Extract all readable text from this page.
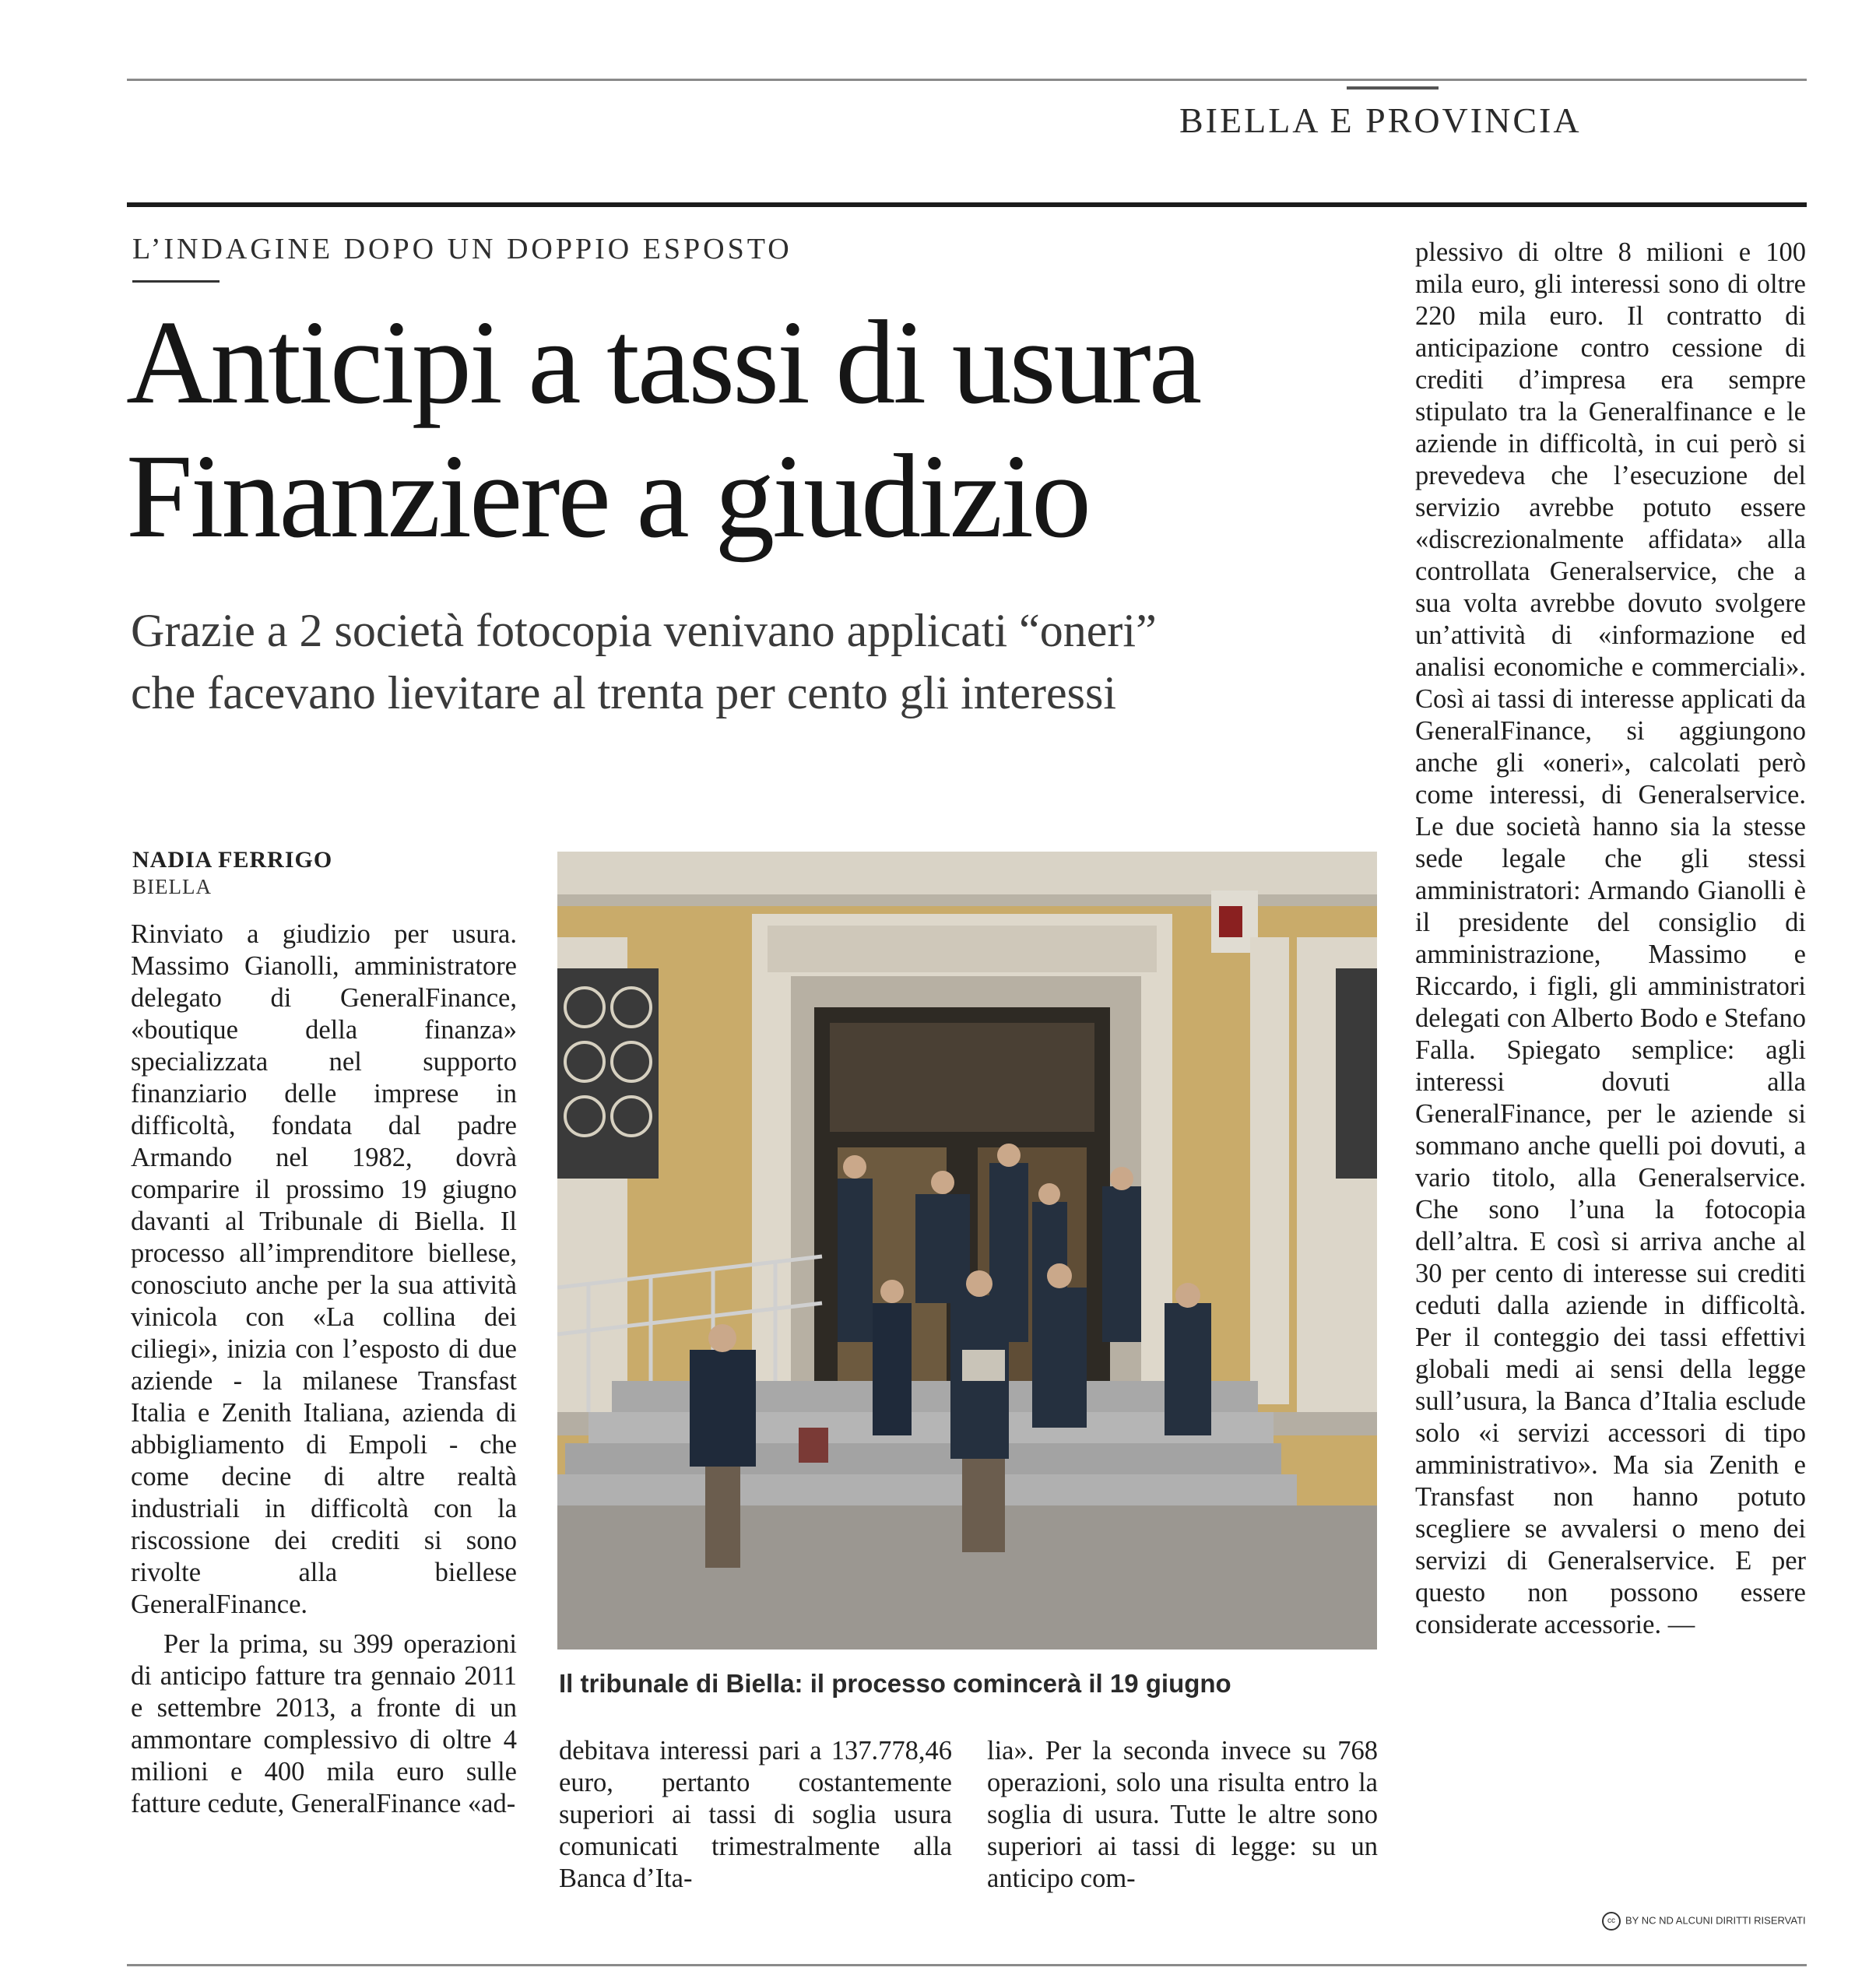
BIELLA E PROVINCIA
L’INDAGINE DOPO UN DOPPIO ESPOSTO
Anticipi a tassi di usura
Finanziere a giudizio
Grazie a 2 società fotocopia venivano applicati “oneri”
che facevano lievitare al trenta per cento gli interessi
NADIA FERRIGO
BIELLA

Rinviato a giudizio per usura. Massimo Gianolli, amministratore delegato di GeneralFinance, «boutique della finanza» specializzata nel supporto finanziario delle imprese in difficoltà, fondata dal padre Armando nel 1982, dovrà comparire il prossimo 19 giugno davanti al Tribunale di Biella. Il processo all’imprenditore biellese, conosciuto anche per la sua attività vinicola con «La collina dei ciliegi», inizia con l’esposto di due aziende - la milanese Transfast Italia e Zenith Italiana, azienda di abbigliamento di Empoli - che come decine di altre realtà industriali in difficoltà con la riscossione dei crediti si sono rivolte alla biellese GeneralFinance.

Per la prima, su 399 operazioni di anticipo fatture tra gennaio 2011 e settembre 2013, a fronte di un ammontare complessivo di oltre 4 milioni e 400 mila euro sulle fatture cedute, GeneralFinance «ad-

Il tribunale di Biella: il processo comincerà il 19 giugno

debitava interessi pari a 137.778,46 euro, pertanto costantemente superiori ai tassi di soglia usura comunicati trimestralmente alla Banca d’Ita-

lia». Per la seconda invece su 768 operazioni, solo una risulta entro la soglia di usura. Tutte le altre sono superiori ai tassi di legge: su un anticipo com-

plessivo di oltre 8 milioni e 100 mila euro, gli interessi sono di oltre 220 mila euro. Il contratto di anticipazione contro cessione di crediti d’impresa era sempre stipulato tra la Generalfinance e le aziende in difficoltà, in cui però si prevedeva che l’esecuzione del servizio avrebbe potuto essere «discrezionalmente affidata» alla controllata Generalservice, che a sua volta avrebbe dovuto svolgere un’attività di «informazione ed analisi economiche e commerciali». Così ai tassi di interesse applicati da GeneralFinance, si aggiungono anche gli «oneri», calcolati però come interessi, di Generalservice. Le due società hanno sia la stesse sede legale che gli stessi amministratori: Armando Gianolli è il presidente del consiglio di amministrazione, Massimo e Riccardo, i figli, gli amministratori delegati con Alberto Bodo e Stefano Falla. Spiegato semplice: agli interessi dovuti alla GeneralFinance, per le aziende si sommano anche quelli poi dovuti, a vario titolo, alla Generalservice. Che sono l’una la fotocopia dell’altra. E così si arriva anche al 30 per cento di interesse sui crediti ceduti dalla aziende in difficoltà. Per il conteggio dei tassi effettivi globali medi ai sensi della legge sull’usura, la Banca d’Italia esclude solo «i servizi accessori di tipo amministrativo». Ma sia Zenith e Transfast non hanno potuto scegliere se avvalersi o meno dei servizi di Generalservice. E per questo non possono essere considerate accessorie. —

cc BY NC ND ALCUNI DIRITTI RISERVATI
